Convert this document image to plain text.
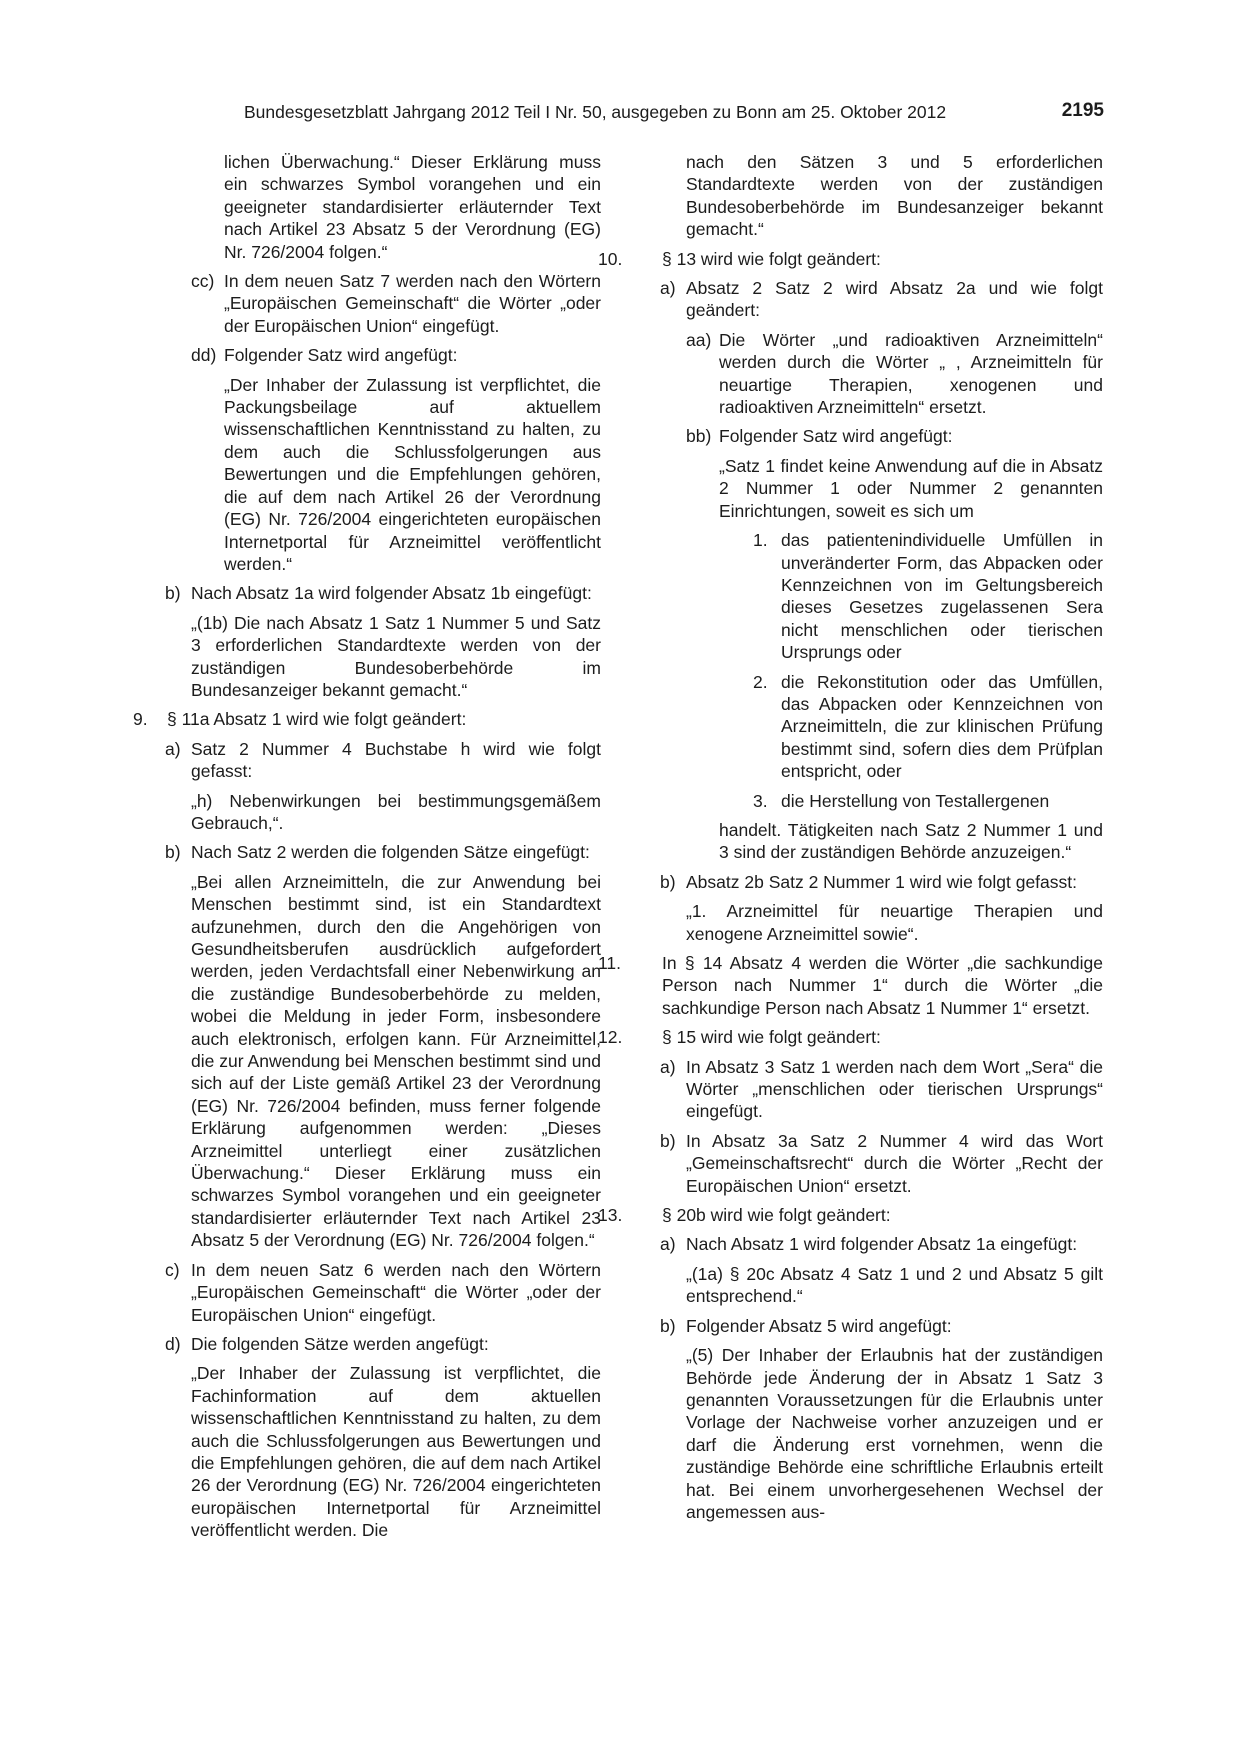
Bundesgesetzblatt Jahrgang 2012 Teil I Nr. 50, ausgegeben zu Bonn am 25. Oktober 2012	2195

lichen Überwachung.“ Dieser Erklärung muss ein schwarzes Symbol vorangehen und ein geeigneter standardisierter erläuternder Text nach Artikel 23 Absatz 5 der Verordnung (EG) Nr. 726/2004 folgen.“

cc) In dem neuen Satz 7 werden nach den Wörtern „Europäischen Gemeinschaft“ die Wörter „oder der Europäischen Union“ eingefügt.

dd) Folgender Satz wird angefügt:

„Der Inhaber der Zulassung ist verpflichtet, die Packungsbeilage auf aktuellem wissenschaftlichen Kenntnisstand zu halten, zu dem auch die Schlussfolgerungen aus Bewertungen und die Empfehlungen gehören, die auf dem nach Artikel 26 der Verordnung (EG) Nr. 726/2004 eingerichteten europäischen Internetportal für Arzneimittel veröffentlicht werden.“

b) Nach Absatz 1a wird folgender Absatz 1b eingefügt:

„(1b) Die nach Absatz 1 Satz 1 Nummer 5 und Satz 3 erforderlichen Standardtexte werden von der zuständigen Bundesoberbehörde im Bundesanzeiger bekannt gemacht.“

9. § 11a Absatz 1 wird wie folgt geändert:

a) Satz 2 Nummer 4 Buchstabe h wird wie folgt gefasst:

„h) Nebenwirkungen bei bestimmungsgemäßem Gebrauch,“.

b) Nach Satz 2 werden die folgenden Sätze eingefügt:

„Bei allen Arzneimitteln, die zur Anwendung bei Menschen bestimmt sind, ist ein Standardtext aufzunehmen, durch den die Angehörigen von Gesundheitsberufen ausdrücklich aufgefordert werden, jeden Verdachtsfall einer Nebenwirkung an die zuständige Bundesoberbehörde zu melden, wobei die Meldung in jeder Form, insbesondere auch elektronisch, erfolgen kann. Für Arzneimittel, die zur Anwendung bei Menschen bestimmt sind und sich auf der Liste gemäß Artikel 23 der Verordnung (EG) Nr. 726/2004 befinden, muss ferner folgende Erklärung aufgenommen werden: „Dieses Arzneimittel unterliegt einer zusätzlichen Überwachung.“ Dieser Erklärung muss ein schwarzes Symbol vorangehen und ein geeigneter standardisierter erläuternder Text nach Artikel 23 Absatz 5 der Verordnung (EG) Nr. 726/2004 folgen.“

c) In dem neuen Satz 6 werden nach den Wörtern „Europäischen Gemeinschaft“ die Wörter „oder der Europäischen Union“ eingefügt.

d) Die folgenden Sätze werden angefügt:

„Der Inhaber der Zulassung ist verpflichtet, die Fachinformation auf dem aktuellen wissenschaftlichen Kenntnisstand zu halten, zu dem auch die Schlussfolgerungen aus Bewertungen und die Empfehlungen gehören, die auf dem nach Artikel 26 der Verordnung (EG) Nr. 726/2004 eingerichteten europäischen Internetportal für Arzneimittel veröffentlicht werden. Die

nach den Sätzen 3 und 5 erforderlichen Standardtexte werden von der zuständigen Bundesoberbehörde im Bundesanzeiger bekannt gemacht.“

10. § 13 wird wie folgt geändert:

a) Absatz 2 Satz 2 wird Absatz 2a und wie folgt geändert:

aa) Die Wörter „und radioaktiven Arzneimitteln“ werden durch die Wörter „ , Arzneimitteln für neuartige Therapien, xenogenen und radioaktiven Arzneimitteln“ ersetzt.

bb) Folgender Satz wird angefügt:

„Satz 1 findet keine Anwendung auf die in Absatz 2 Nummer 1 oder Nummer 2 genannten Einrichtungen, soweit es sich um

1. das patientenindividuelle Umfüllen in unveränderter Form, das Abpacken oder Kennzeichnen von im Geltungsbereich dieses Gesetzes zugelassenen Sera nicht menschlichen oder tierischen Ursprungs oder

2. die Rekonstitution oder das Umfüllen, das Abpacken oder Kennzeichnen von Arzneimitteln, die zur klinischen Prüfung bestimmt sind, sofern dies dem Prüfplan entspricht, oder

3. die Herstellung von Testallergenen

handelt. Tätigkeiten nach Satz 2 Nummer 1 und 3 sind der zuständigen Behörde anzuzeigen.“

b) Absatz 2b Satz 2 Nummer 1 wird wie folgt gefasst:

„1. Arzneimittel für neuartige Therapien und xenogene Arzneimittel sowie“.

11. In § 14 Absatz 4 werden die Wörter „die sachkundige Person nach Nummer 1“ durch die Wörter „die sachkundige Person nach Absatz 1 Nummer 1“ ersetzt.

12. § 15 wird wie folgt geändert:

a) In Absatz 3 Satz 1 werden nach dem Wort „Sera“ die Wörter „menschlichen oder tierischen Ursprungs“ eingefügt.

b) In Absatz 3a Satz 2 Nummer 4 wird das Wort „Gemeinschaftsrecht“ durch die Wörter „Recht der Europäischen Union“ ersetzt.

13. § 20b wird wie folgt geändert:

a) Nach Absatz 1 wird folgender Absatz 1a eingefügt:

„(1a) § 20c Absatz 4 Satz 1 und 2 und Absatz 5 gilt entsprechend.“

b) Folgender Absatz 5 wird angefügt:

„(5) Der Inhaber der Erlaubnis hat der zuständigen Behörde jede Änderung der in Absatz 1 Satz 3 genannten Voraussetzungen für die Erlaubnis unter Vorlage der Nachweise vorher anzuzeigen und er darf die Änderung erst vornehmen, wenn die zuständige Behörde eine schriftliche Erlaubnis erteilt hat. Bei einem unvorhergesehenen Wechsel der angemessen aus-
